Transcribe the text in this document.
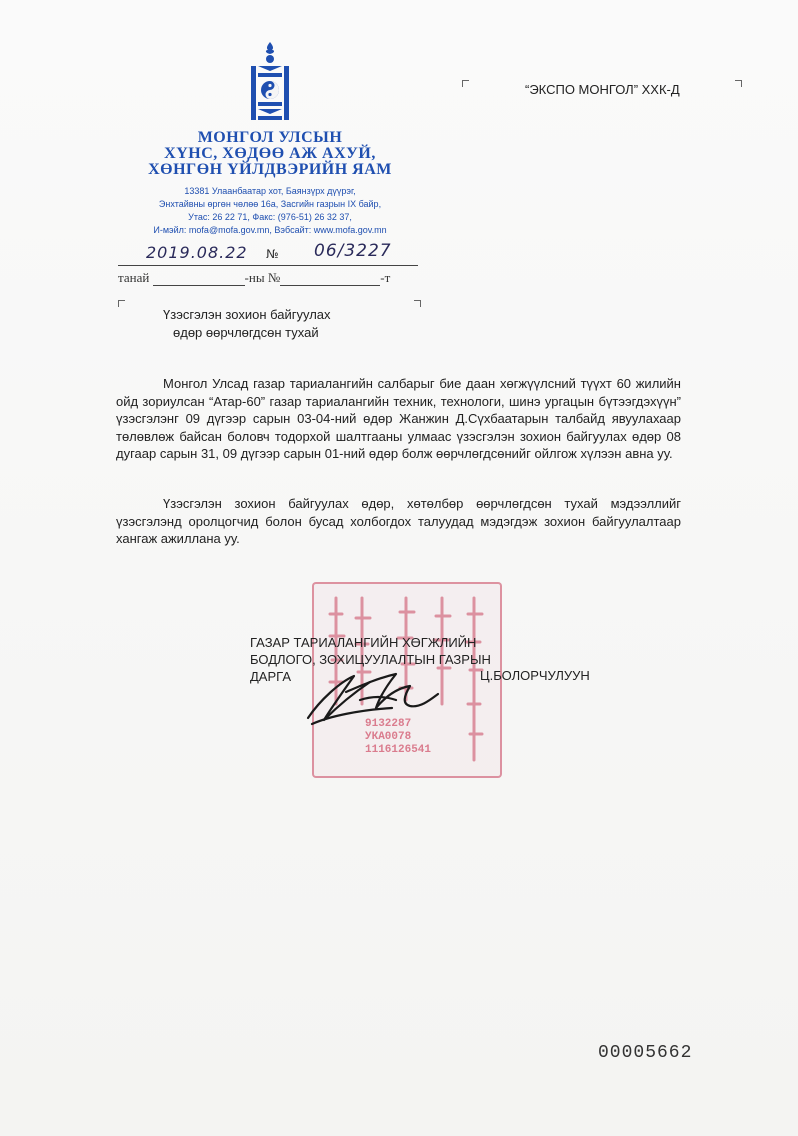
МОНГОЛ УЛСЫН
ХҮНС, ХӨДӨӨ АЖ АХУЙ,
ХӨНГӨН ҮЙЛДВЭРИЙН ЯАМ
13381 Улаанбаатар хот, Баянзүрх дүүрэг,
Энхтайвны өргөн чөлөө 16а, Засгийн газрын IX байр,
Утас: 26 22 71, Факс: (976-51) 26 32 37,
И-мэйл: mofa@mofa.gov.mn, Вэбсайт: www.mofa.gov.mn
2019.08.22 № 06/3227
танай	-ны №	-т
“ЭКСПО МОНГОЛ” ХХК-Д
Үзэсгэлэн зохион байгуулах
өдөр өөрчлөгдсөн тухай
Монгол Улсад газар тариалангийн салбарыг бие даан хөгжүүлсний түүхт 60 жилийн ойд зориулсан “Атар-60” газар тариалангийн техник, технологи, шинэ ургацын бүтээгдэхүүн” үзэсгэлэнг 09 дүгээр сарын 03-04-ний өдөр Жанжин Д.Сүхбаатарын талбайд явуулахаар төлөвлөж байсан боловч тодорхой шалтгааны улмаас үзэсгэлэн зохион байгуулах өдөр 08 дугаар сарын 31, 09 дүгээр сарын 01-ний өдөр болж өөрчлөгдсөнийг ойлгож хүлээн авна уу.
Үзэсгэлэн зохион байгуулах өдөр, хөтөлбөр өөрчлөгдсөн тухай мэдээллийг үзэсгэлэнд оролцогчид болон бусад холбогдох талуудад мэдэгдэж зохион байгуулалтаар хангаж ажиллана уу.
9132287
УКА0078
1116126541
ГАЗАР ТАРИАЛАНГИЙН ХӨГЖЛИЙН
БОДЛОГО, ЗОХИЦУУЛАЛТЫН ГАЗРЫН
ДАРГА	Ц.БОЛОРЧУЛУУН
00005662
